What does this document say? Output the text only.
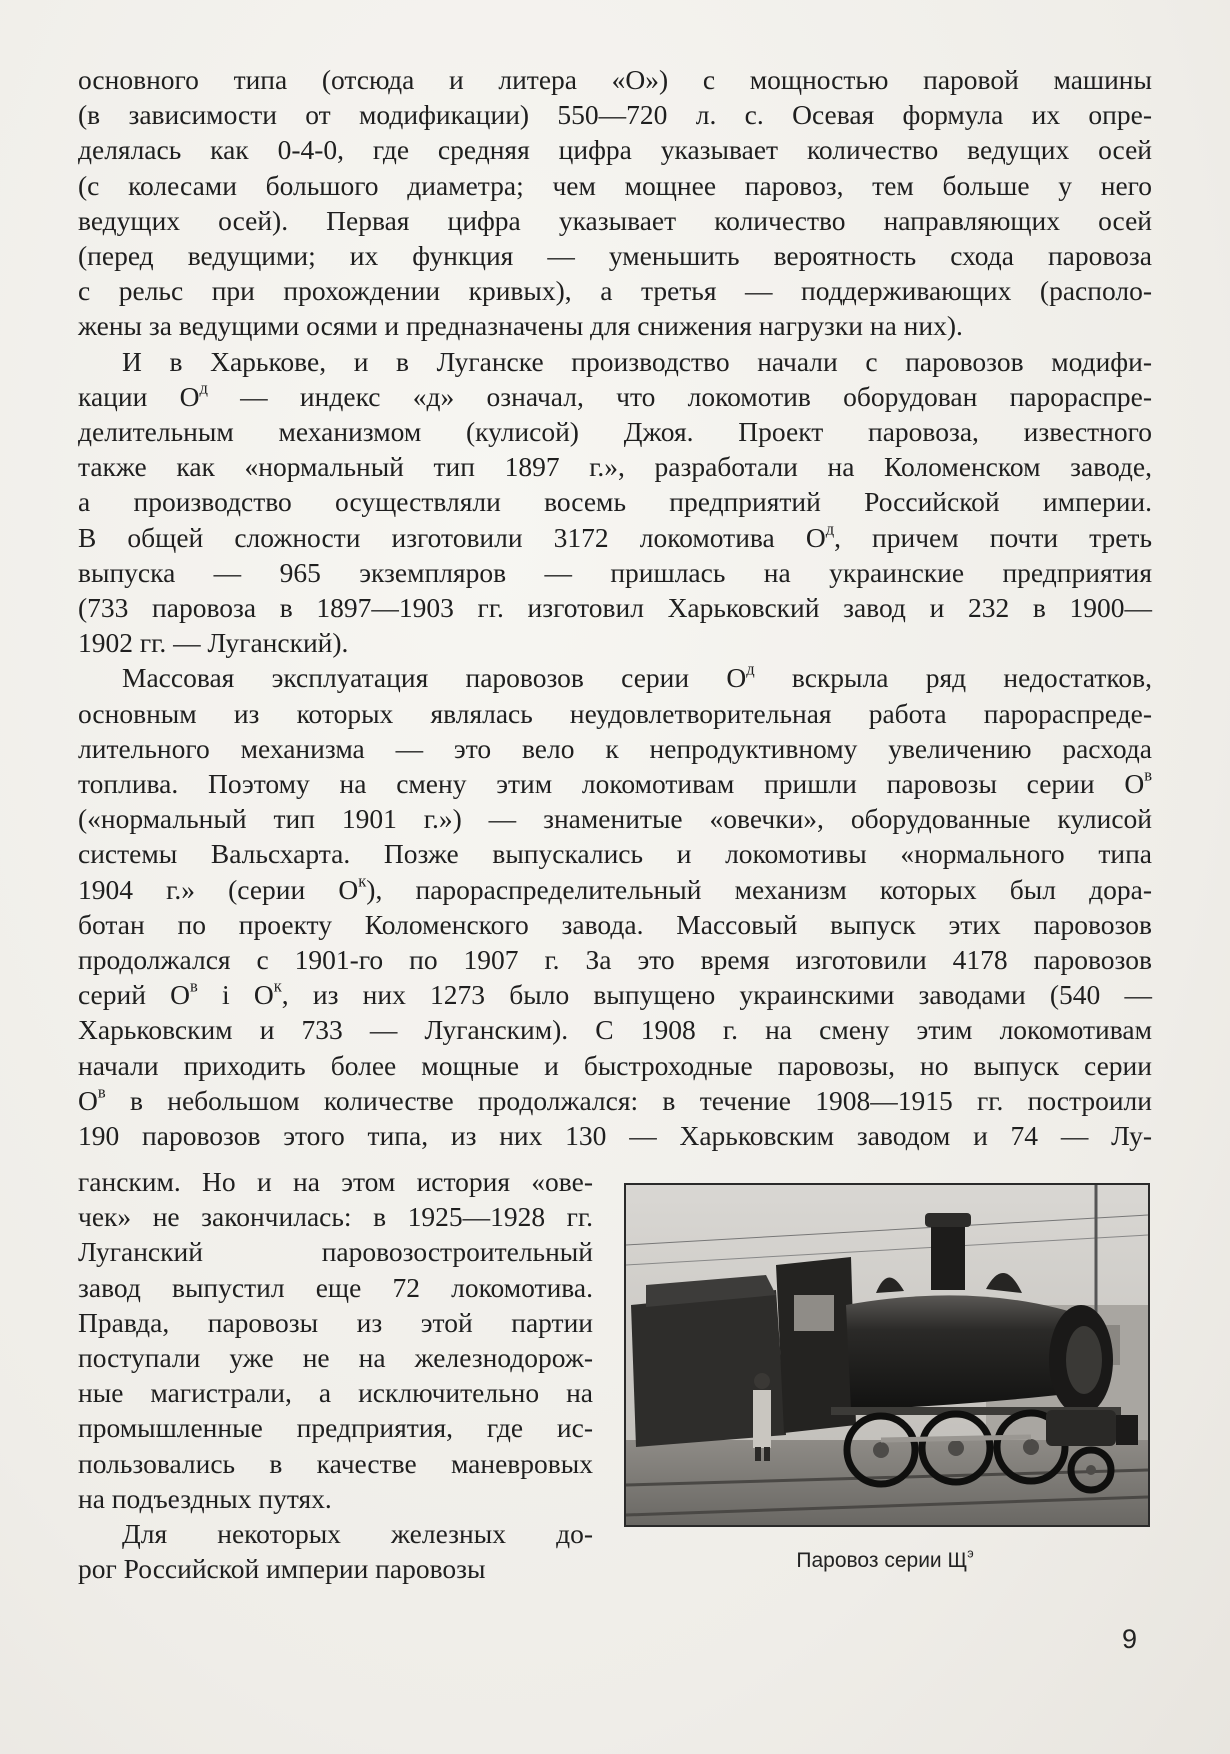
основного типа (отсюда и литера «О») с мощностью паровой машины

(в зависимости от модификации) 550—720 л. с. Осевая формула их опре-

делялась как 0-4-0, где средняя цифра указывает количество ведущих осей

(с колесами большого диаметра; чем мощнее паровоз, тем больше у него

ведущих осей). Первая цифра указывает количество направляющих осей

(перед ведущими; их функция — уменьшить вероятность схода паровоза

с рельс при прохождении кривых), а третья — поддерживающих (располо-

жены за ведущими осями и предназначены для снижения нагрузки на них).

И в Харькове, и в Луганске производство начали с паровозов модифи-

кации $O^д$ — индекс «д» означал, что локомотив оборудован парораспре-

делительным механизмом (кулисой) Джоя. Проект паровоза, известного

также как «нормальный тип 1897 г.», разработали на Коломенском заводе,

а производство осуществляли восемь предприятий Российской империи.

В общей сложности изготовили 3172 локомотива $O^д$, причем почти треть

выпуска — 965 экземпляров — пришлась на украинские предприятия

(733 паровоза в 1897—1903 гг. изготовил Харьковский завод и 232 в 1900—

1902 гг. — Луганский).

Массовая эксплуатация паровозов серии $O^д$ вскрыла ряд недостатков,

основным из которых являлась неудовлетворительная работа парораспреде-

лительного механизма — это вело к непродуктивному увеличению расхода

топлива. Поэтому на смену этим локомотивам пришли паровозы серии $O^в$

(«нормальный тип 1901 г.») — знаменитые «овечки», оборудованные кулисой

системы Вальсхарта. Позже выпускались и локомотивы «нормального типа

1904 г.» (серии $O^к$), парораспределительный механизм которых был дора-

ботан по проекту Коломенского завода. Массовый выпуск этих паровозов

продолжался с 1901-го по 1907 г. За это время изготовили 4178 паровозов

серий $O^в$ і $O^к$, из них 1273 было выпущено украинскими заводами (540 —

Харьковским и 733 — Луганским). С 1908 г. на смену этим локомотивам

начали приходить более мощные и быстроходные паровозы, но выпуск серии

$O^в$ в небольшом количестве продолжался: в течение 1908—1915 гг. построили

190 паровозов этого типа, из них 130 — Харьковским заводом и 74 — Лу-

ганским. Но и на этом история «ове-

чек» не закончилась: в 1925—1928 гг.

Луганский паровозостроительный

завод выпустил еще 72 локомотива.

Правда, паровозы из этой партии

поступали уже не на железнодорож-

ные магистрали, а исключительно на

промышленные предприятия, где ис-

пользовались в качестве маневровых

на подъездных путях.

Для некоторых железных до-

рог Российской империи паровозы	Паровоз серии $Щ^э$
9
